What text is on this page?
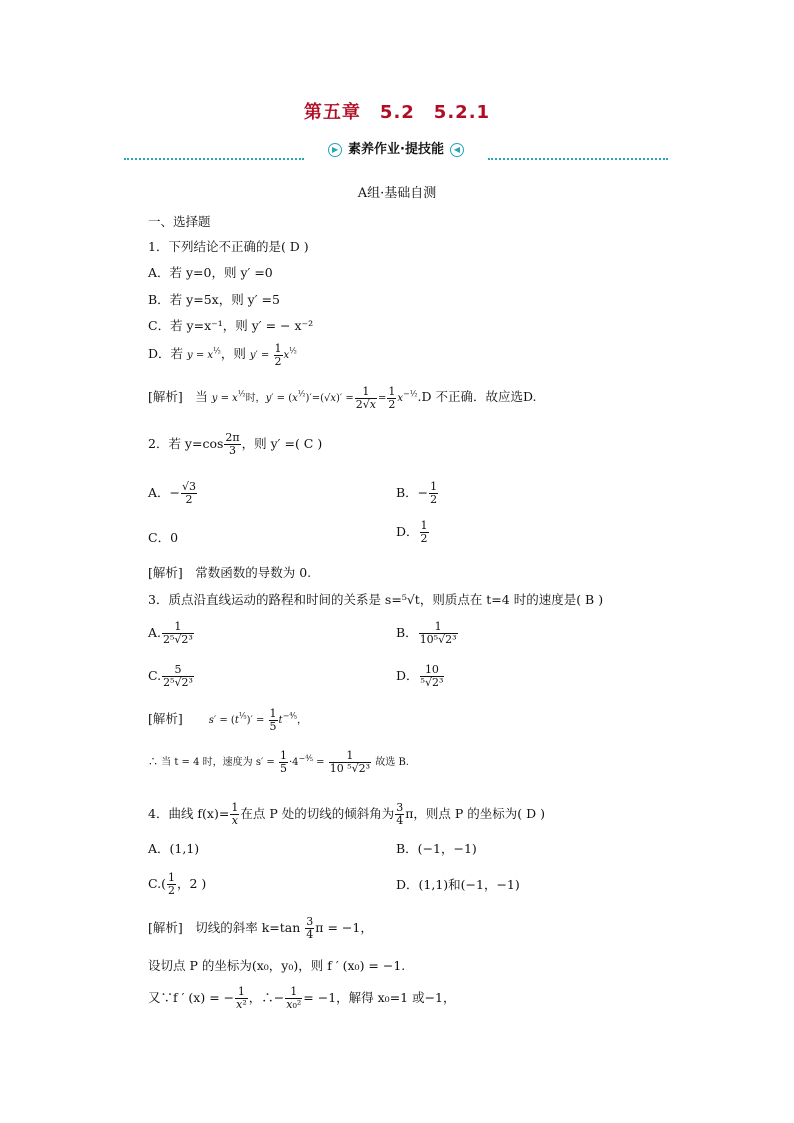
第五章　5.2　5.2.1
▶ 素养作业·提技能 ◀
A组·基础自测
一、选择题
1．下列结论不正确的是( D )
A．若 y=0，则 y′ =0
B．若 y=5x，则 y′ =5
C．若 y=x⁻¹，则 y′ = − x⁻²
D．若 $y = x^{\frac{1}{2}}$，则 $y' = \frac{1}{2} x^{\frac{1}{2}}$
[解析]　当 $y = x^{\frac{1}{2}}$时，$y' = (x^{\frac{1}{2}})'=(√x)' = \frac{1}{2√x} = \frac{1}{2} x^{-\frac{1}{2}}.D$ 不正确．故应选D.
2．若 $y=\cos \frac{2\pi}{3}$ ，则 y′ =( C )
A．− $\frac{√3}{2}$	B．− $\frac{1}{2}$
C．0	D． $\frac{1}{2}$
[解析]　常数函数的导数为 0.
3．质点沿直线运动的路程和时间的关系是 s=⁵√t，则质点在 t=4 时的速度是( B )
A. $\frac{1}{\text{2⁵√2³}}$	B． $\frac{1}{\text{10⁵√2³}}$
C. $\frac{5}{\text{2⁵√2³}}$	D． $\frac{10}{\text{⁵√2³}}$
[解析]	$s' = (t^{\frac{1}{5}})' = \frac{1}{5} t^{-\frac{4}{5}}$，
∴ 当 t = 4 时，速度为 $s' = \frac{1}{5} \cdot 4^{-\frac{4}{5}} = \frac{1}{\text{10 ⁵√2³}}$ 故选 B.
4．曲线 $f(x)= \frac{1}{x}$ 在点 P 处的切线的倾斜角为 $\frac{3}{4}$ π，则点 P 的坐标为( D )
A．(1,1)	B．(−1，−1)
$C.( \frac{1}{2}$ ，2 )	D．(1,1)和(−1，−1)
[解析]　切线的斜率 $k=\tan \frac{3}{4}$ π = −1，
设切点 P 的坐标为(x₀，y₀)，则 f ′ (x₀) = −1.
又∵f ′ (x) = − $\frac{1}{\text{x²}}$ ，∴− $\frac{1}{\text{x₀²}} = -1$，解得 x₀=1 或−1，
